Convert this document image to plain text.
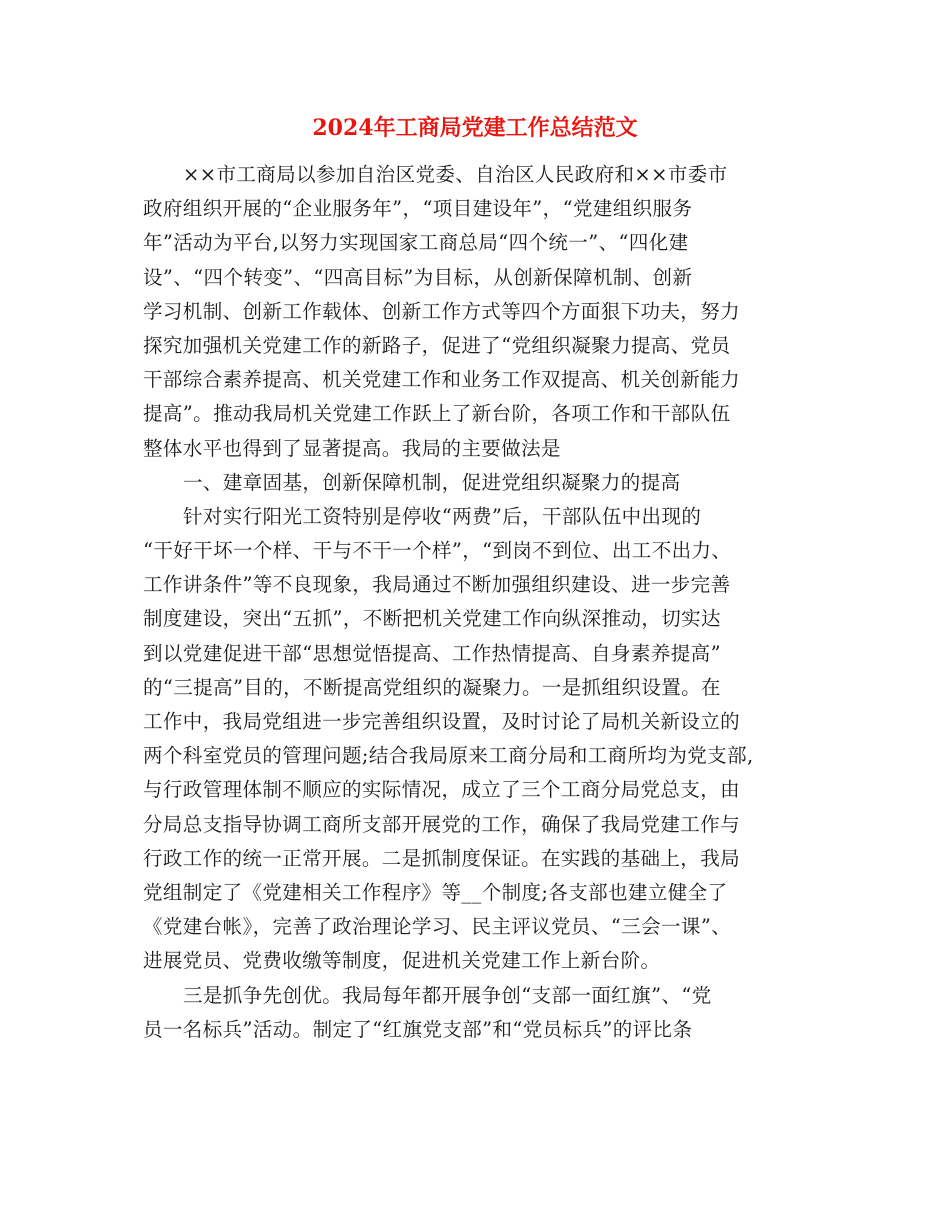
2024年工商局党建工作总结范文

××市工商局以参加自治区党委、自治区人民政府和××市委市

政府组织开展的“企业服务年”，“项目建设年”，“党建组织服务

年”活动为平台,以努力实现国家工商总局“四个统一”、“四化建

设”、“四个转变”、“四高目标”为目标，从创新保障机制、创新

学习机制、创新工作载体、创新工作方式等四个方面狠下功夫，努力

探究加强机关党建工作的新路子，促进了“党组织凝聚力提高、党员

干部综合素养提高、机关党建工作和业务工作双提高、机关创新能力

提高”。推动我局机关党建工作跃上了新台阶，各项工作和干部队伍

整体水平也得到了显著提高。我局的主要做法是

一、建章固基，创新保障机制，促进党组织凝聚力的提高

针对实行阳光工资特别是停收“两费”后，干部队伍中出现的

“干好干坏一个样、干与不干一个样”，“到岗不到位、出工不出力、

工作讲条件”等不良现象，我局通过不断加强组织建设、进一步完善

制度建设，突出“五抓”，不断把机关党建工作向纵深推动，切实达

到以党建促进干部“思想觉悟提高、工作热情提高、自身素养提高”

的“三提高”目的，不断提高党组织的凝聚力。一是抓组织设置。在

工作中，我局党组进一步完善组织设置，及时讨论了局机关新设立的

两个科室党员的管理问题;结合我局原来工商分局和工商所均为党支部,

与行政管理体制不顺应的实际情况，成立了三个工商分局党总支，由

分局总支指导协调工商所支部开展党的工作，确保了我局党建工作与

行政工作的统一正常开展。二是抓制度保证。在实践的基础上，我局

党组制定了《党建相关工作程序》等__个制度;各支部也建立健全了

《党建台帐》，完善了政治理论学习、民主评议党员、“三会一课”、

进展党员、党费收缴等制度，促进机关党建工作上新台阶。

三是抓争先创优。我局每年都开展争创“支部一面红旗”、“党

员一名标兵”活动。制定了“红旗党支部”和“党员标兵”的评比条
